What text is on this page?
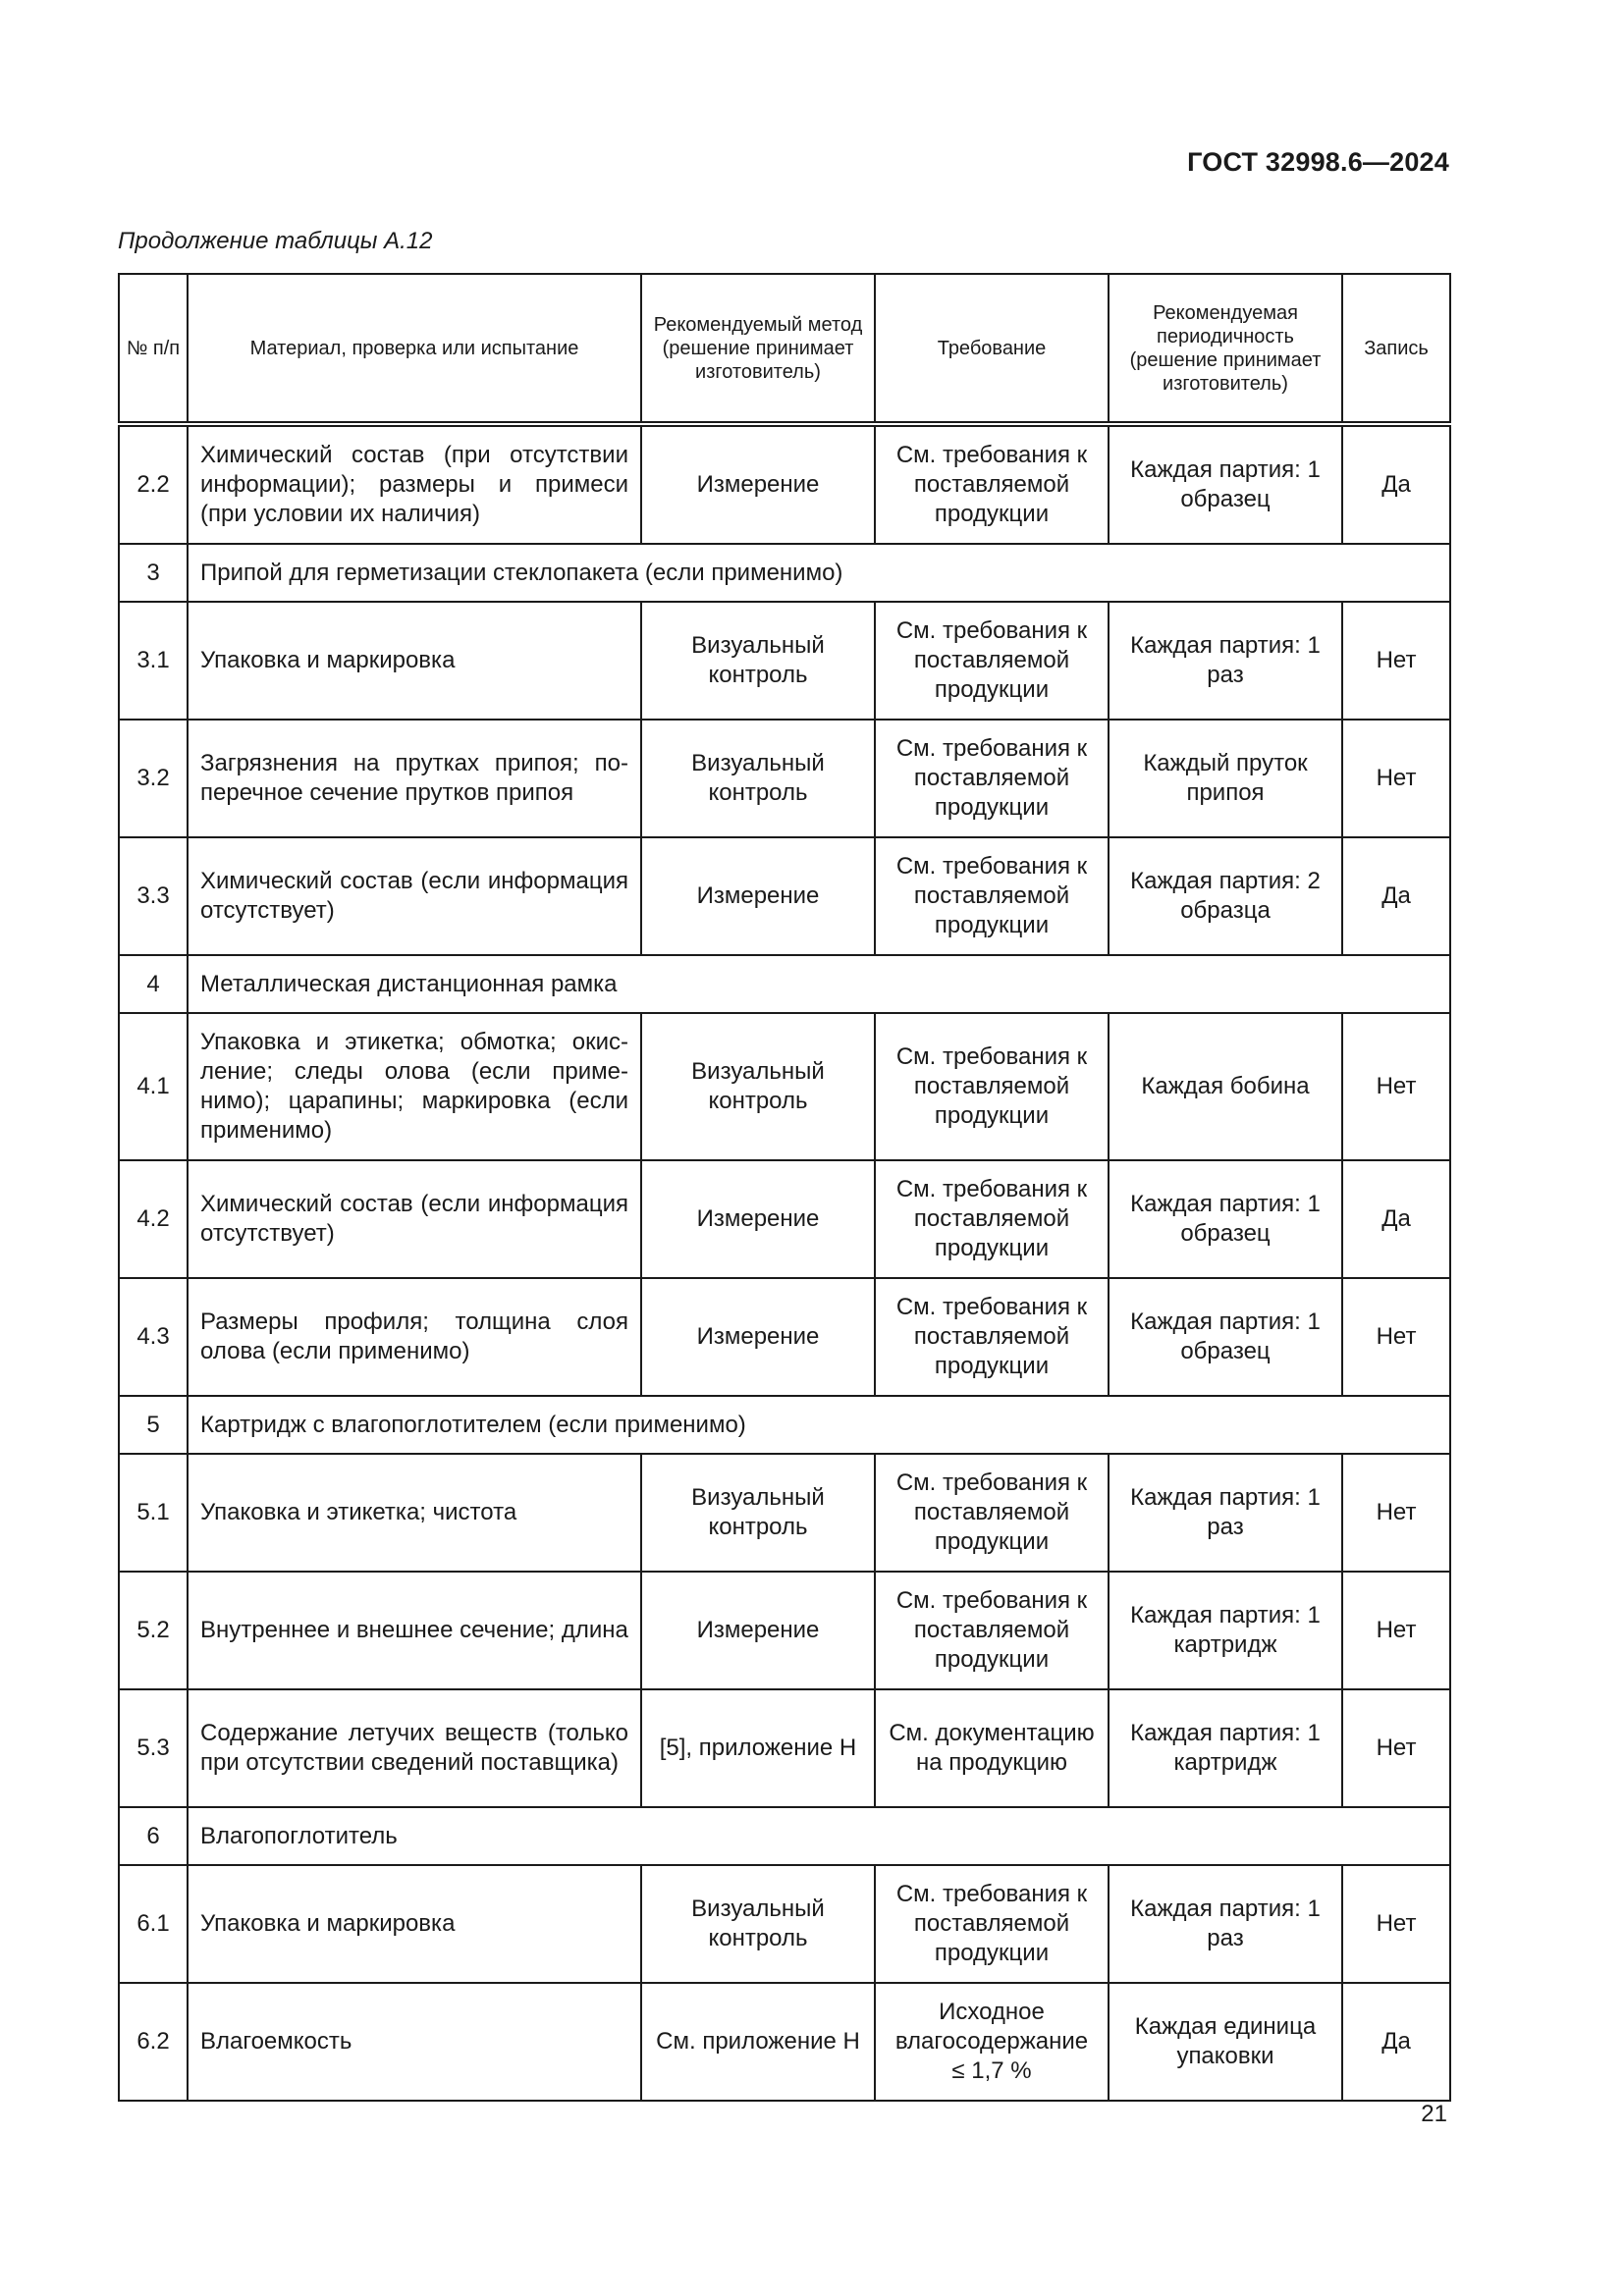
ГОСТ 32998.6—2024
Продолжение таблицы А.12
№ п/п	Материал, проверка или испытание	Рекомендуемый метод (решение принимает изготовитель)	Требование	Рекомендуемая периодичность (решение принимает изготовитель)	Запись
2.2	Химический состав (при отсутствии информации); размеры и примеси (при условии их наличия)	Измерение	См. требования к поставляемой продукции	Каждая партия: 1 образец	Да
3	Припой для герметизации стеклопакета (если применимо)				
3.1	Упаковка и маркировка	Визуальный контроль	См. требования к поставляемой продукции	Каждая партия: 1 раз	Нет
3.2	Загрязнения на прутках припоя; поперечное сечение прутков припоя	Визуальный контроль	См. требования к поставляемой продукции	Каждый пруток припоя	Нет
3.3	Химический состав (если информация отсутствует)	Измерение	См. требования к поставляемой продукции	Каждая партия: 2 образца	Да
4	Металлическая дистанционная рамка				
4.1	Упаковка и этикетка; обмотка; окисление; следы олова (если применимо); царапины; маркировка (если применимо)	Визуальный контроль	См. требования к поставляемой продукции	Каждая бобина	Нет
4.2	Химический состав (если информация отсутствует)	Измерение	См. требования к поставляемой продукции	Каждая партия: 1 образец	Да
4.3	Размеры профиля; толщина слоя олова (если применимо)	Измерение	См. требования к поставляемой продукции	Каждая партия: 1 образец	Нет
5	Картридж с влагопоглотителем (если применимо)				
5.1	Упаковка и этикетка; чистота	Визуальный контроль	См. требования к поставляемой продукции	Каждая партия: 1 раз	Нет
5.2	Внутреннее и внешнее сечение; длина	Измерение	См. требования к поставляемой продукции	Каждая партия: 1 картридж	Нет
5.3	Содержание летучих веществ (только при отсутствии сведений поставщика)	[5], приложение Н	См. документацию на продукцию	Каждая партия: 1 картридж	Нет
6	Влагопоглотитель				
6.1	Упаковка и маркировка	Визуальный контроль	См. требования к поставляемой продукции	Каждая партия: 1 раз	Нет
6.2	Влагоемкость	См. приложение Н	Исходное влагосодержание ≤ 1,7 %	Каждая единица упаковки	Да
21
